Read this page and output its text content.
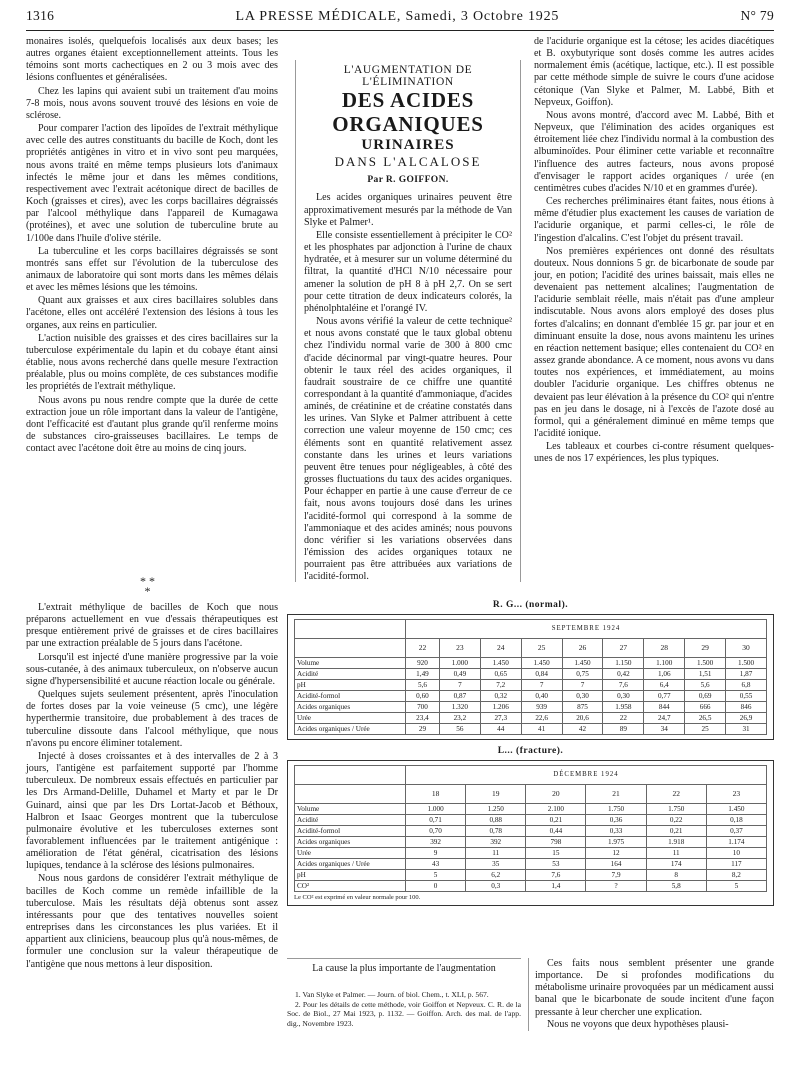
1316	LA PRESSE MÉDICALE, Samedi, 3 Octobre 1925	N° 79

monaires isolés, quelquefois localisés aux deux bases; les autres organes étaient exceptionnellement atteints. Tous les témoins sont morts cachectiques en 2 ou 3 mois avec des lésions confluentes et généralisées.

Chez les lapins qui avaient subi un traitement d'au moins 7-8 mois, nous avons souvent trouvé des lésions en voie de sclérose.

Pour comparer l'action des lipoïdes de l'extrait méthylique avec celle des autres constituants du bacille de Koch, dont les propriétés antigènes in vitro et in vivo sont peu marquées, nous avons traité en même temps plusieurs lots d'animaux infectés le même jour et dans les mêmes conditions, respectivement avec l'extrait acétonique direct de bacilles de Koch (graisses et cires), avec les corps bacillaires dégraissés par l'alcool méthylique dans l'appareil de Kumagawa (protéines), et avec une solution de tuberculine brute au 1/100e dans l'huile d'olive stérile.

La tuberculine et les corps bacillaires dégraissés se sont montrés sans effet sur l'évolution de la tuberculose des animaux de laboratoire qui sont morts dans les mêmes délais et avec les mêmes lésions que les témoins.

Quant aux graisses et aux cires bacillaires solubles dans l'acétone, elles ont accéléré l'extension des lésions à tous les organes, aux reins en particulier.

L'action nuisible des graisses et des cires bacillaires sur la tuberculose expérimentale du lapin et du cobaye étant ainsi établie, nous avons recherché dans quelle mesure l'extraction préalable, plus ou moins complète, de ces substances modifie les propriétés de l'extrait méthylique.

Nous avons pu nous rendre compte que la durée de cette extraction joue un rôle important dans la valeur de l'antigène, dont l'efficacité est d'autant plus grande qu'il renferme moins de substances ciro-graisseuses bacillaires. Le temps de contact avec l'acétone doit être au moins de cinq jours.

* *
*

L'extrait méthylique de bacilles de Koch que nous préparons actuellement en vue d'essais thérapeutiques est presque entièrement privé de graisses et de cires bacillaires par une extraction préalable de 5 jours dans l'acétone.

Lorsqu'il est injecté d'une manière progressive par la voie sous-cutanée, à des animaux tuberculeux, on n'observe aucun signe d'hypersensibilité et aucune réaction locale ou générale.

Quelques sujets seulement présentent, après l'inoculation de fortes doses par la voie veineuse (5 cmc), une légère hyperthermie transitoire, due probablement à des traces de tuberculine dissoute dans l'alcool méthylique, que nous n'avons pu encore éliminer totalement.

Injecté à doses croissantes et à des intervalles de 2 à 3 jours, l'antigène est parfaitement supporté par l'homme tuberculeux. De nombreux essais effectués en particulier par les Drs Armand-Delille, Duhamel et Marty et par le Dr Guinard, ainsi que par les Drs Lortat-Jacob et Béthoux, Halbron et Isaac Georges montrent que la tuberculose pulmonaire évolutive et les tuberculoses externes sont favorablement influencées par le traitement antigénique : amélioration de l'état général, cicatrisation des lésions lupiques, tendance à la sclérose des lésions pulmonaires.

Nous nous gardons de considérer l'extrait méthylique de bacilles de Koch comme un remède infaillible de la tuberculose. Mais les résultats déjà obtenus sont assez intéressants pour que des tentatives nouvelles soient entreprises dans les circonstances les plus variées. Et il appartient aux cliniciens, beaucoup plus qu'à nous-mêmes, de formuler une conclusion sur la valeur thérapeutique de l'antigène que nous mettons à leur disposition.

L'AUGMENTATION DE L'ÉLIMINATION
DES ACIDES ORGANIQUES
URINAIRES
DANS L'ALCALOSE
Par R. GOIFFON.

Les acides organiques urinaires peuvent être approximativement mesurés par la méthode de Van Slyke et Palmer¹.

Elle consiste essentiellement à précipiter le CO² et les phosphates par adjonction à l'urine de chaux hydratée, et à mesurer sur un volume déterminé du filtrat, la quantité d'HCl N/10 nécessaire pour amener la solution de pH 8 à pH 2,7. On se sert pour cette titration de deux indicateurs colorés, la phénolphtaléine et l'orangé IV.

Nous avons vérifié la valeur de cette technique² et nous avons constaté que le taux global obtenu chez l'individu normal varie de 300 à 800 cmc d'acide décinormal par vingt-quatre heures. Pour obtenir le taux réel des acides organiques, il faudrait soustraire de ce chiffre une quantité correspondant à la quantité d'ammoniaque, d'acides aminés, de créatinine et de créatine constatés dans les urines. Van Slyke et Palmer attribuent à cette correction une valeur moyenne de 150 cmc; ces éléments sont en quantité relativement assez constante dans les urines et leurs variations peuvent être tenues pour négligeables, à côté des grosses fluctuations du taux des acides organiques. Pour échapper en partie à une cause d'erreur de ce fait, nous avons toujours dosé dans les urines l'acidité-formol qui correspond à la somme de l'ammoniaque et des acides aminés; nous pouvons donc vérifier si les variations observées dans l'émission des acides organiques totaux ne pourraient pas être attribuées aux variations de l'acidité-formol.

de l'acidurie organique est la cétose; les acides diacétiques et B. oxybutyrique sont dosés comme les autres acides normalement émis (acétique, lactique, etc.). Il est possible par cette méthode simple de suivre le cours d'une acidose cétonique (Van Slyke et Palmer, M. Labbé, Bith et Nepveux, Goiffon).

Nous avons montré, d'accord avec M. Labbé, Bith et Nepveux, que l'élimination des acides organiques est étroitement liée chez l'individu normal à la combustion des albuminoïdes. Pour éliminer cette variable et reconnaître l'influence des autres facteurs, nous avons proposé d'envisager le rapport acides organiques / urée (en centimètres cubes d'acides N/10 et en grammes d'urée).

Ces recherches préliminaires étant faites, nous étions à même d'étudier plus exactement les causes de variation de l'acidurie organique, et parmi celles-ci, le rôle de l'ingestion d'alcalins. C'est l'objet du présent travail.

Nos premières expériences ont donné des résultats douteux. Nous donnions 5 gr. de bicarbonate de soude par jour, en potion; l'acidité des urines baissait, mais elles ne devenaient pas nettement alcalines; l'augmentation de l'acidurie semblait réelle, mais n'était pas d'une ampleur indiscutable. Nous avons alors employé des doses plus fortes d'alcalins; en donnant d'emblée 15 gr. par jour et en diminuant ensuite la dose, nous avons maintenu les urines en réaction nettement basique; elles contenaient du CO² en assez grande abondance. A ce moment, nous avons vu dans toutes nos expériences, et immédiatement, au moins doubler l'acidurie organique. Les chiffres obtenus ne devaient pas leur élévation à la présence du CO² qui n'entre pas en jeu dans le dosage, ni à l'excès de l'azote dosé au formol, qui a généralement diminué en même temps que l'acidité ionique.

Les tableaux et courbes ci-contre résument quelques-unes de nos 17 expériences, les plus typiques.

R. G... (normal).
	SEPTEMBRE 1924								
	22	23	24	25	26	27	28	29	30
Volume	920	1.000	1.450	1.450	1.450	1.150	1.100	1.500	1.500
Acidité	1,49	0,49	0,65	0,84	0,75	0,42	1,06	1,51	1,87
pH	5,6	7	7,2	7	7	7,6	6,4	5,6	6,8
Acidité-formol	0,60	0,87	0,32	0,40	0,30	0,30	0,77	0,69	0,55
Acides organiques	700	1.320	1.206	939	875	1.958	844	666	846
Urée	23,4	23,2	27,3	22,6	20,6	22	24,7	26,5	26,9
Acides organiques / Urée	29	56	44	41	42	89	34	25	31
L... (fracture).
	DÉCEMBRE 1924					
	18	19	20	21	22	23
Volume	1.000	1.250	2.100	1.750	1.750	1.450
Acidité	0,71	0,88	0,21	0,36	0,22	0,18
Acidité-formol	0,70	0,78	0,44	0,33	0,21	0,37
Acides organiques	392	392	798	1.975	1.918	1.174
Urée	9	11	15	12	11	10
Acides organiques / Urée	43	35	53	164	174	117
pH	5	6,2	7,6	7,9	8	8,2
CO²	0	0,3	1,4	?	5,8	5
Le CO² est exprimé en valeur normale pour 100.
La cause la plus importante de l'augmentation

1. Van Slyke et Palmer. — Journ. of biol. Chem., t. XLI, p. 567.

2. Pour les détails de cette méthode, voir Goiffon et Nepveux. C. R. de la Soc. de Biol., 27 Mai 1923, p. 1132. — Goiffon. Arch. des mal. de l'app. dig., Novembre 1923.

Ces faits nous semblent présenter une grande importance. De si profondes modifications du métabolisme urinaire provoquées par un médicament aussi banal que le bicarbonate de soude incitent d'une façon pressante à leur chercher une explication.

Nous ne voyons que deux hypothèses plausi-
